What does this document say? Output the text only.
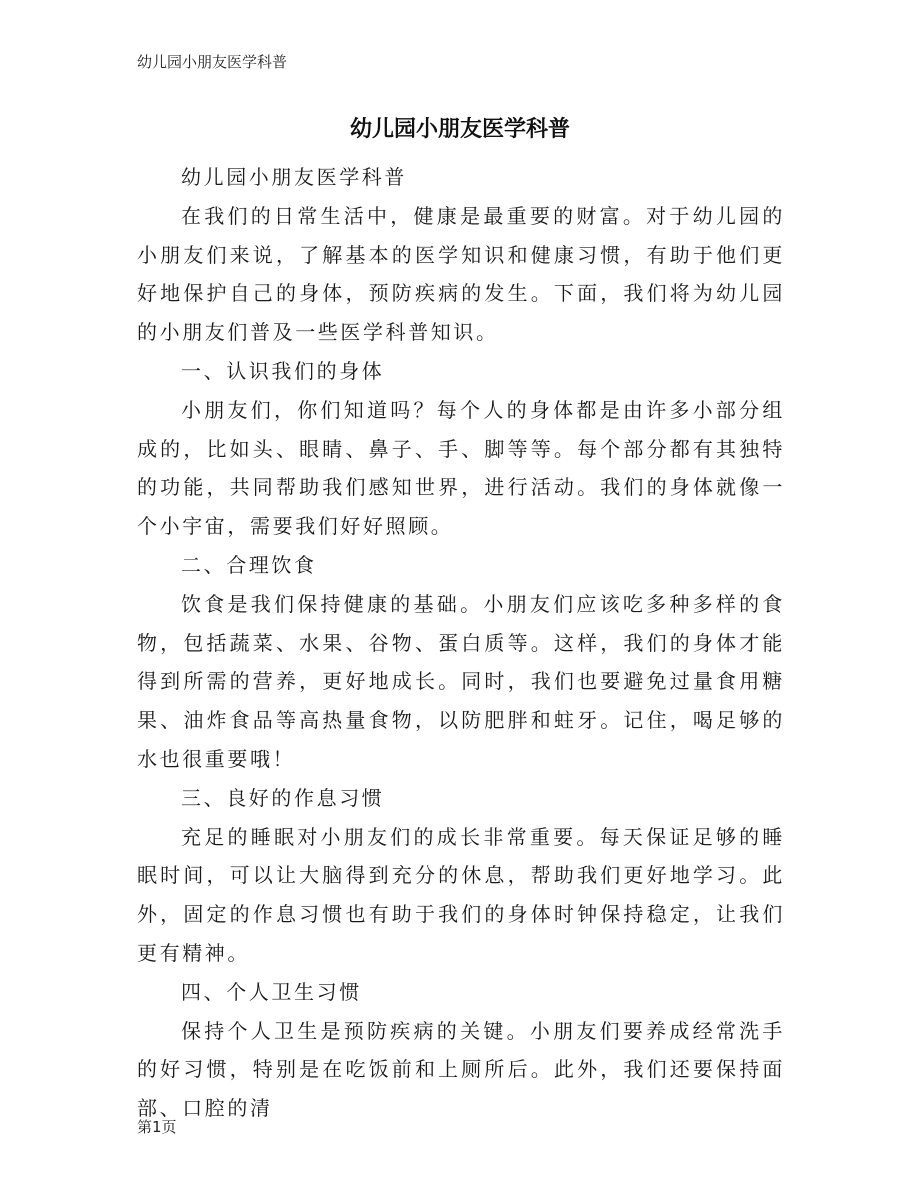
幼儿园小朋友医学科普
幼儿园小朋友医学科普

幼儿园小朋友医学科普

在我们的日常生活中，健康是最重要的财富。对于幼儿园的小朋友们来说，了解基本的医学知识和健康习惯，有助于他们更好地保护自己的身体，预防疾病的发生。下面，我们将为幼儿园的小朋友们普及一些医学科普知识。

一、认识我们的身体

小朋友们，你们知道吗？每个人的身体都是由许多小部分组成的，比如头、眼睛、鼻子、手、脚等等。每个部分都有其独特的功能，共同帮助我们感知世界，进行活动。我们的身体就像一个小宇宙，需要我们好好照顾。

二、合理饮食

饮食是我们保持健康的基础。小朋友们应该吃多种多样的食物，包括蔬菜、水果、谷物、蛋白质等。这样，我们的身体才能得到所需的营养，更好地成长。同时，我们也要避免过量食用糖果、油炸食品等高热量食物，以防肥胖和蛀牙。记住，喝足够的水也很重要哦！

三、良好的作息习惯

充足的睡眠对小朋友们的成长非常重要。每天保证足够的睡眠时间，可以让大脑得到充分的休息，帮助我们更好地学习。此外，固定的作息习惯也有助于我们的身体时钟保持稳定，让我们更有精神。

四、个人卫生习惯

保持个人卫生是预防疾病的关键。小朋友们要养成经常洗手的好习惯，特别是在吃饭前和上厕所后。此外，我们还要保持面部、口腔的清

第1页
